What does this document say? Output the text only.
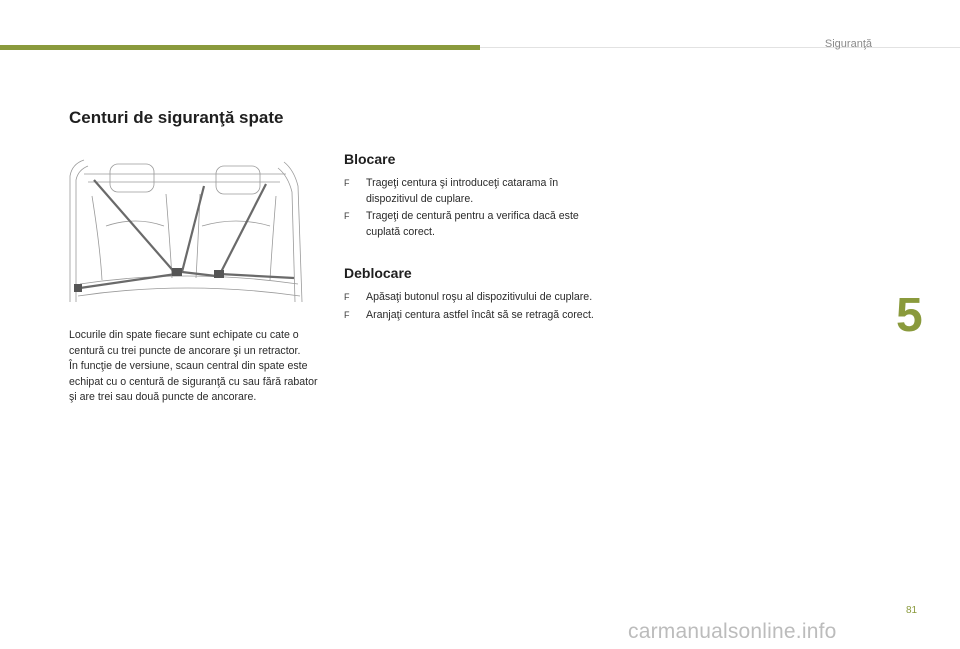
Siguranţă
5
Centuri de siguranţă spate

Locurile din spate fiecare sunt echipate cu cate o centură cu trei puncte de ancorare şi un retractor.

În funcţie de versiune, scaun central din spate este echipat cu o centură de siguranţă cu sau fără rabator şi are trei sau două puncte de ancorare.

Blocare
F	Trageţi centura şi introduceţi catarama în dispozitivul de cuplare.
F	Trageţi de centură pentru a verifica dacă este cuplată corect.
Deblocare
F	Apăsaţi butonul roşu al dispozitivului de cuplare.
F	Aranjaţi centura astfel încât să se retragă corect.
81
carmanualsonline.info
